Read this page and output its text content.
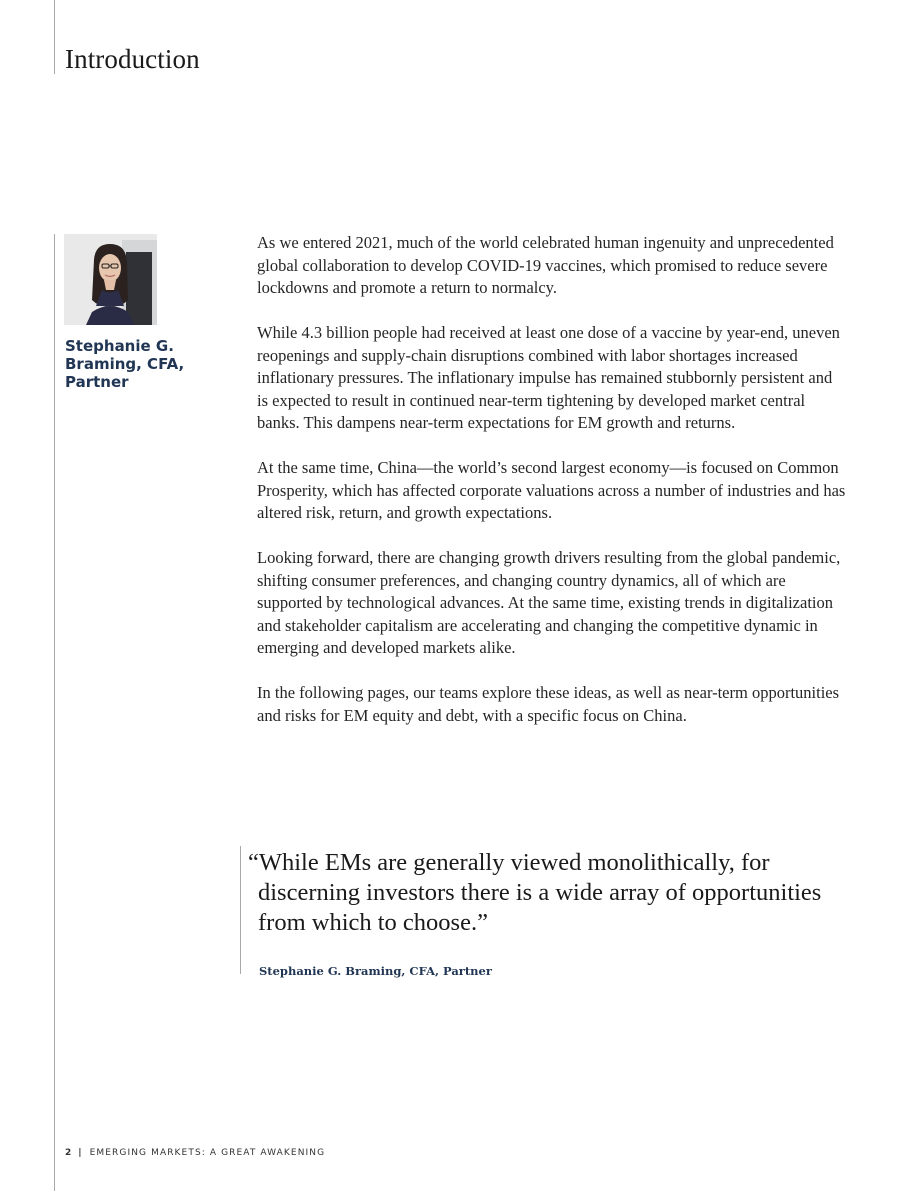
Introduction
Stephanie G. Braming, CFA, Partner

As we entered 2021, much of the world celebrated human ingenuity and unprecedented global collaboration to develop COVID-19 vaccines, which promised to reduce severe lockdowns and promote a return to normalcy.

While 4.3 billion people had received at least one dose of a vaccine by year-end, uneven reopenings and supply-chain disruptions combined with labor shortages increased inflationary pressures. The inflationary impulse has remained stubbornly persistent and is expected to result in continued near-term tightening by developed market central banks. This dampens near-term expectations for EM growth and returns.

At the same time, China—the world’s second largest economy—is focused on Common Prosperity, which has affected corporate valuations across a number of industries and has altered risk, return, and growth expectations.

Looking forward, there are changing growth drivers resulting from the global pandemic, shifting consumer preferences, and changing country dynamics, all of which are supported by technological advances. At the same time, existing trends in digitalization and stakeholder capitalism are accelerating and changing the competitive dynamic in emerging and developed markets alike.

In the following pages, our teams explore these ideas, as well as near-term opportunities and risks for EM equity and debt, with a specific focus on China.

“While EMs are generally viewed monolithically, for discerning investors there is a wide array of opportunities from which to choose.”

Stephanie G. Braming, CFA, Partner
2 | EMERGING MARKETS: A GREAT AWAKENING
